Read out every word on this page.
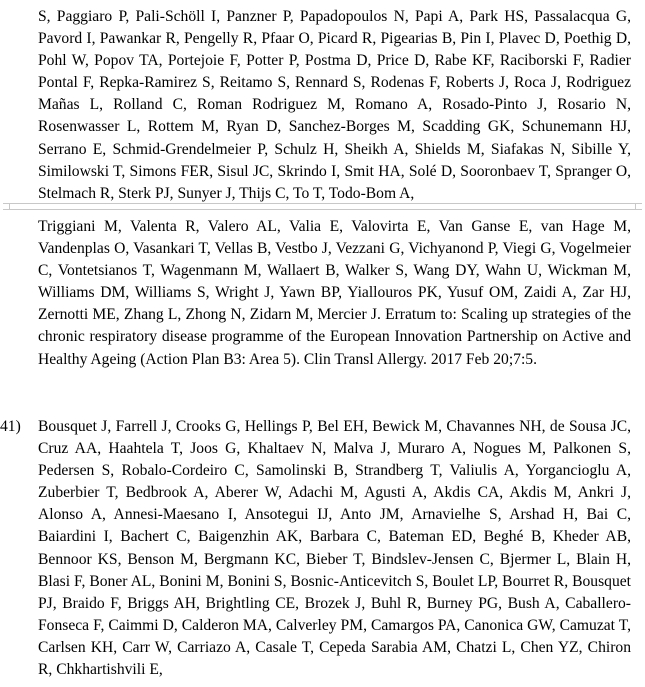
S, Paggiaro P, Pali-Schöll I, Panzner P, Papadopoulos N, Papi A, Park HS, Passalacqua G, Pavord I, Pawankar R, Pengelly R, Pfaar O, Picard R, Pigearias B, Pin I, Plavec D, Poethig D, Pohl W, Popov TA, Portejoie F, Potter P, Postma D, Price D, Rabe KF, Raciborski F, Radier Pontal F, Repka-Ramirez S, Reitamo S, Rennard S, Rodenas F, Roberts J, Roca J, Rodriguez Mañas L, Rolland C, Roman Rodriguez M, Romano A, Rosado-Pinto J, Rosario N, Rosenwasser L, Rottem M, Ryan D, Sanchez-Borges M, Scadding GK, Schunemann HJ, Serrano E, Schmid-Grendelmeier P, Schulz H, Sheikh A, Shields M, Siafakas N, Sibille Y, Similowski T, Simons FER, Sisul JC, Skrindo I, Smit HA, Solé D, Sooronbaev T, Spranger O, Stelmach R, Sterk PJ, Sunyer J, Thijs C, To T, Todo-Bom A,

Triggiani M, Valenta R, Valero AL, Valia E, Valovirta E, Van Ganse E, van Hage M, Vandenplas O, Vasankari T, Vellas B, Vestbo J, Vezzani G, Vichyanond P, Viegi G, Vogelmeier C, Vontetsianos T, Wagenmann M, Wallaert B, Walker S, Wang DY, Wahn U, Wickman M, Williams DM, Williams S, Wright J, Yawn BP, Yiallouros PK, Yusuf OM, Zaidi A, Zar HJ, Zernotti ME, Zhang L, Zhong N, Zidarn M, Mercier J. Erratum to: Scaling up strategies of the chronic respiratory disease programme of the European Innovation Partnership on Active and Healthy Ageing (Action Plan B3: Area 5). Clin Transl Allergy. 2017 Feb 20;7:5.

41) Bousquet J, Farrell J, Crooks G, Hellings P, Bel EH, Bewick M, Chavannes NH, de Sousa JC, Cruz AA, Haahtela T, Joos G, Khaltaev N, Malva J, Muraro A, Nogues M, Palkonen S, Pedersen S, Robalo-Cordeiro C, Samolinski B, Strandberg T, Valiulis A, Yorgancioglu A, Zuberbier T, Bedbrook A, Aberer W, Adachi M, Agusti A, Akdis CA, Akdis M, Ankri J, Alonso A, Annesi-Maesano I, Ansotegui IJ, Anto JM, Arnavielhe S, Arshad H, Bai C, Baiardini I, Bachert C, Baigenzhin AK, Barbara C, Bateman ED, Beghé B, Kheder AB, Bennoor KS, Benson M, Bergmann KC, Bieber T, Bindslev-Jensen C, Bjermer L, Blain H, Blasi F, Boner AL, Bonini M, Bonini S, Bosnic-Anticevitch S, Boulet LP, Bourret R, Bousquet PJ, Braido F, Briggs AH, Brightling CE, Brozek J, Buhl R, Burney PG, Bush A, Caballero-Fonseca F, Caimmi D, Calderon MA, Calverley PM, Camargos PA, Canonica GW, Camuzat T, Carlsen KH, Carr W, Carriazo A, Casale T, Cepeda Sarabia AM, Chatzi L, Chen YZ, Chiron R, Chkhartishvili E,
